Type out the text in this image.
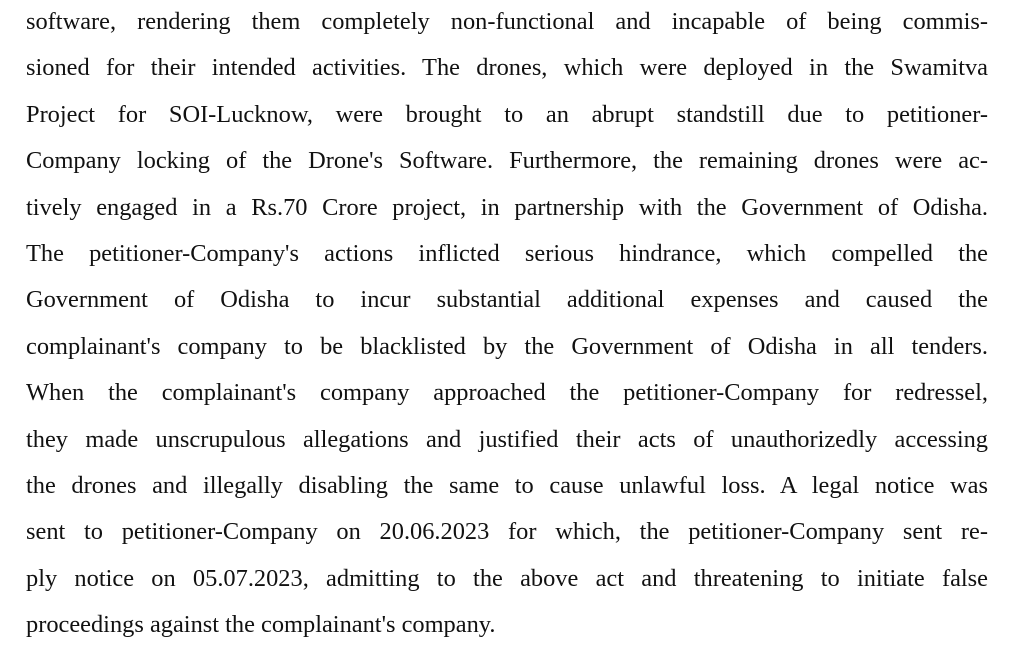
software, rendering them completely non-functional and incapable of being commis-
sioned for their intended activities. The drones, which were deployed in the Swamitva
Project for SOI-Lucknow, were brought to an abrupt standstill due to petitioner-
Company locking of the Drone's Software. Furthermore, the remaining drones were ac-
tively engaged in a Rs.70 Crore project, in partnership with the Government of Odisha.
The petitioner-Company's actions inflicted serious hindrance, which compelled the
Government of Odisha to incur substantial additional expenses and caused the
complainant's company to be blacklisted by the Government of Odisha in all tenders.
When the complainant's company approached the petitioner-Company for redressel,
they made unscrupulous allegations and justified their acts of unauthorizedly accessing
the drones and illegally disabling the same to cause unlawful loss. A legal notice was
sent to petitioner-Company on 20.06.2023 for which, the petitioner-Company sent re-
ply notice on 05.07.2023, admitting to the above act and threatening to initiate false
proceedings against the complainant's company.
